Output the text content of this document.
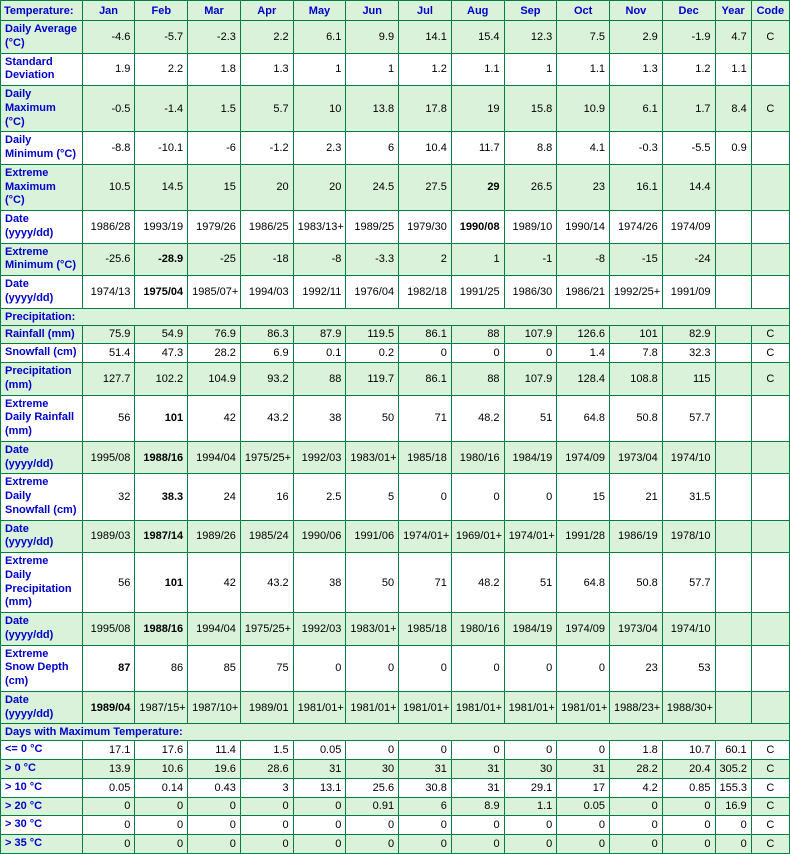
Temperature:	Jan	Feb	Mar	Apr	May	Jun	Jul	Aug	Sep	Oct	Nov	Dec	Year	Code
Daily Average (°C)	-4.6	-5.7	-2.3	2.2	6.1	9.9	14.1	15.4	12.3	7.5	2.9	-1.9	4.7	C
Standard Deviation	1.9	2.2	1.8	1.3	1	1	1.2	1.1	1	1.1	1.3	1.2	1.1	
Daily Maximum (°C)	-0.5	-1.4	1.5	5.7	10	13.8	17.8	19	15.8	10.9	6.1	1.7	8.4	C
Daily Minimum (°C)	-8.8	-10.1	-6	-1.2	2.3	6	10.4	11.7	8.8	4.1	-0.3	-5.5	0.9	
Extreme Maximum (°C)	10.5	14.5	15	20	20	24.5	27.5	29	26.5	23	16.1	14.4		
Date (yyyy/dd)	1986/28	1993/19	1979/26	1986/25	1983/13+	1989/25	1979/30	1990/08	1989/10	1990/14	1974/26	1974/09		
Extreme Minimum (°C)	-25.6	-28.9	-25	-18	-8	-3.3	2	1	-1	-8	-15	-24		
Date (yyyy/dd)	1974/13	1975/04	1985/07+	1994/03	1992/11	1976/04	1982/18	1991/25	1986/30	1986/21	1992/25+	1991/09		
Precipitation:														
Rainfall (mm)	75.9	54.9	76.9	86.3	87.9	119.5	86.1	88	107.9	126.6	101	82.9		C
Snowfall (cm)	51.4	47.3	28.2	6.9	0.1	0.2	0	0	0	1.4	7.8	32.3		C
Precipitation (mm)	127.7	102.2	104.9	93.2	88	119.7	86.1	88	107.9	128.4	108.8	115		C
Extreme Daily Rainfall (mm)	56	101	42	43.2	38	50	71	48.2	51	64.8	50.8	57.7		
Date (yyyy/dd)	1995/08	1988/16	1994/04	1975/25+	1992/03	1983/01+	1985/18	1980/16	1984/19	1974/09	1973/04	1974/10		
Extreme Daily Snowfall (cm)	32	38.3	24	16	2.5	5	0	0	0	15	21	31.5		
Date (yyyy/dd)	1989/03	1987/14	1989/26	1985/24	1990/06	1991/06	1974/01+	1969/01+	1974/01+	1991/28	1986/19	1978/10		
Extreme Daily Precipitation (mm)	56	101	42	43.2	38	50	71	48.2	51	64.8	50.8	57.7		
Date (yyyy/dd)	1995/08	1988/16	1994/04	1975/25+	1992/03	1983/01+	1985/18	1980/16	1984/19	1974/09	1973/04	1974/10		
Extreme Snow Depth (cm)	87	86	85	75	0	0	0	0	0	0	23	53		
Date (yyyy/dd)	1989/04	1987/15+	1987/10+	1989/01	1981/01+	1981/01+	1981/01+	1981/01+	1981/01+	1981/01+	1988/23+	1988/30+		
Days with Maximum Temperature:														
<= 0 °C	17.1	17.6	11.4	1.5	0.05	0	0	0	0	0	1.8	10.7	60.1	C
> 0 °C	13.9	10.6	19.6	28.6	31	30	31	31	30	31	28.2	20.4	305.2	C
> 10 °C	0.05	0.14	0.43	3	13.1	25.6	30.8	31	29.1	17	4.2	0.85	155.3	C
> 20 °C	0	0	0	0	0	0.91	6	8.9	1.1	0.05	0	0	16.9	C
> 30 °C	0	0	0	0	0	0	0	0	0	0	0	0	0	C
> 35 °C	0	0	0	0	0	0	0	0	0	0	0	0	0	C
